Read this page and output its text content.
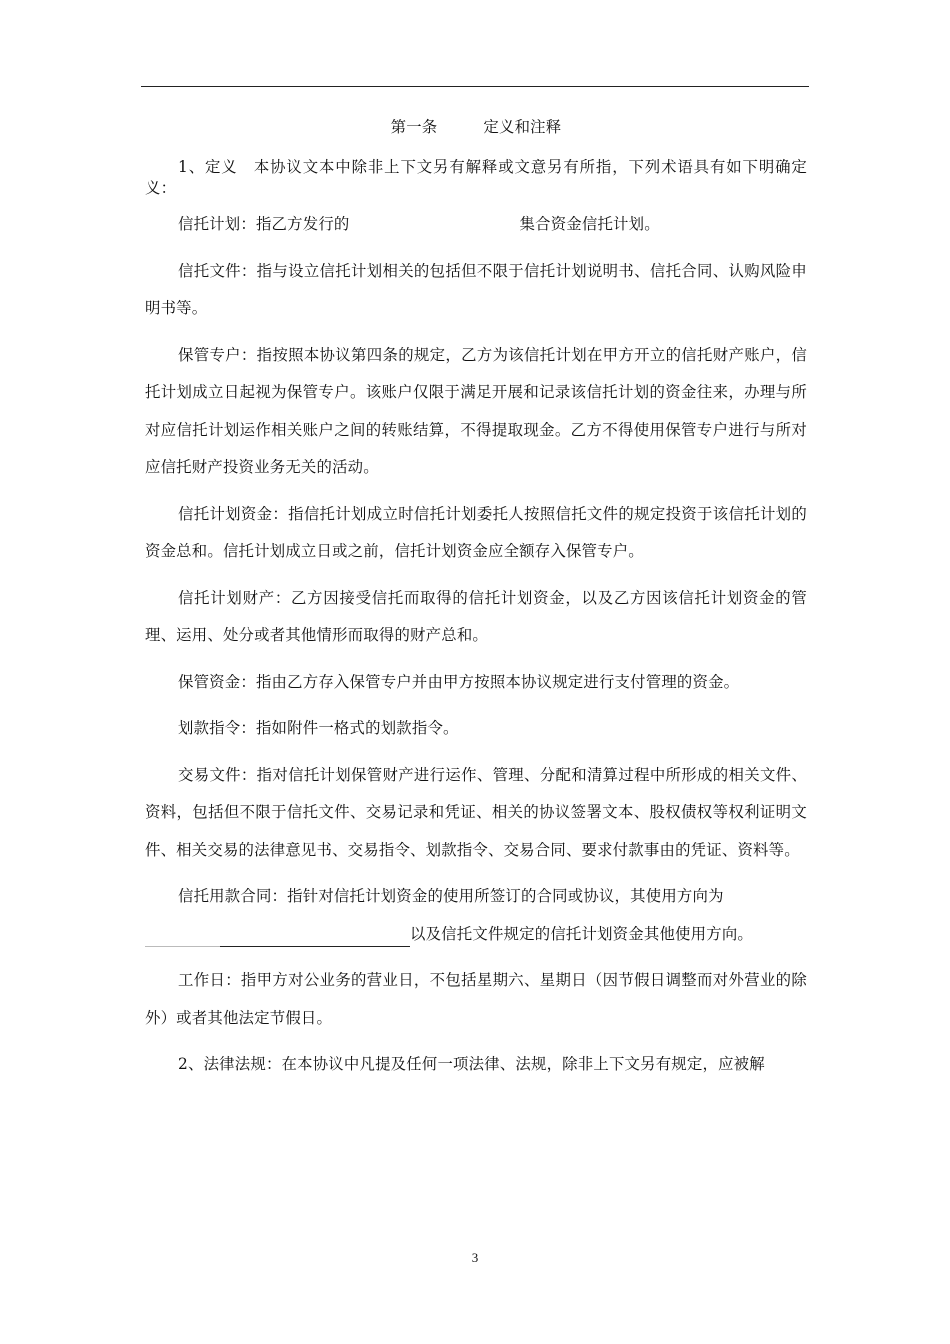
第一条	定义和注释

1、定义　本协议文本中除非上下文另有解释或文意另有所指，下列术语具有如下明确定义：

信托计划：指乙方发行的	集合资金信托计划。

信托文件：指与设立信托计划相关的包括但不限于信托计划说明书、信托合同、认购风险申明书等。

保管专户：指按照本协议第四条的规定，乙方为该信托计划在甲方开立的信托财产账户，信托计划成立日起视为保管专户。该账户仅限于满足开展和记录该信托计划的资金往来，办理与所对应信托计划运作相关账户之间的转账结算，不得提取现金。乙方不得使用保管专户进行与所对应信托财产投资业务无关的活动。

信托计划资金：指信托计划成立时信托计划委托人按照信托文件的规定投资于该信托计划的资金总和。信托计划成立日或之前，信托计划资金应全额存入保管专户。

信托计划财产：乙方因接受信托而取得的信托计划资金，以及乙方因该信托计划资金的管理、运用、处分或者其他情形而取得的财产总和。

保管资金：指由乙方存入保管专户并由甲方按照本协议规定进行支付管理的资金。

划款指令：指如附件一格式的划款指令。

交易文件：指对信托计划保管财产进行运作、管理、分配和清算过程中所形成的相关文件、资料，包括但不限于信托文件、交易记录和凭证、相关的协议签署文本、股权债权等权利证明文件、相关交易的法律意见书、交易指令、划款指令、交易合同、要求付款事由的凭证、资料等。

信托用款合同：指针对信托计划资金的使用所签订的合同或协议，其使用方向为

以及信托文件规定的信托计划资金其他使用方向。

工作日：指甲方对公业务的营业日，不包括星期六、星期日（因节假日调整而对外营业的除外）或者其他法定节假日。

2、法律法规：在本协议中凡提及任何一项法律、法规，除非上下文另有规定，应被解

3
